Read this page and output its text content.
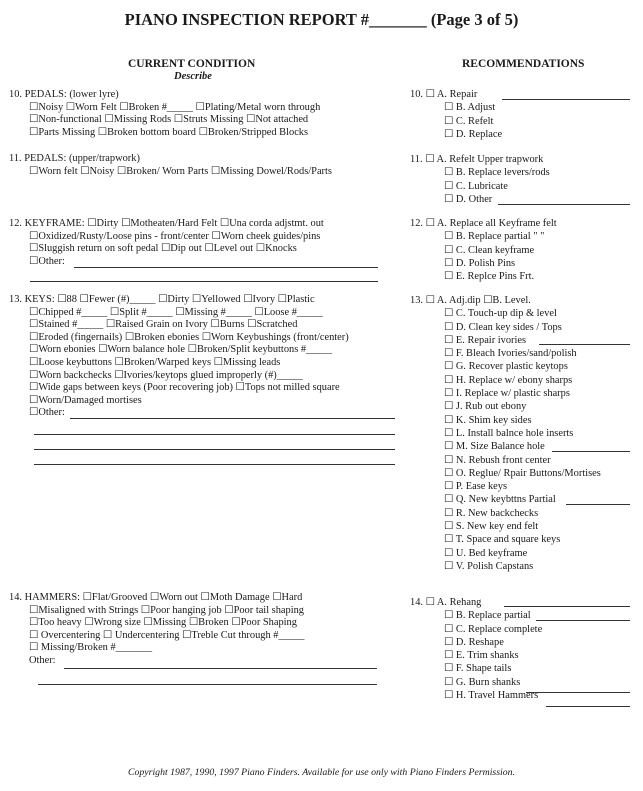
PIANO INSPECTION REPORT #_______ (Page 3 of 5)
CURRENT CONDITION
Describe
RECOMMENDATIONS
10. PEDALS: (lower lyre)
☐Noisy ☐Worn Felt ☐Broken #_____ ☐Plating/Metal worn through
☐Non-functional ☐Missing Rods ☐Struts Missing ☐Not attached
☐Parts Missing ☐Broken bottom board ☐Broken/Stripped Blocks
11. PEDALS: (upper/trapwork)
☐Worn felt ☐Noisy ☐Broken/ Worn Parts ☐Missing Dowel/Rods/Parts
12. KEYFRAME: ☐Dirty ☐Motheaten/Hard Felt ☐Una corda adjstmt. out
☐Oxidized/Rusty/Loose pins - front/center ☐Worn cheek guides/pins
☐Sluggish return on soft pedal ☐Dip out ☐Level out ☐Knocks
☐Other:
13. KEYS: ☐88 ☐Fewer (#)_____ ☐Dirty ☐Yellowed ☐Ivory ☐Plastic
☐Chipped #_____ ☐Split #_____ ☐Missing #_____ ☐Loose #_____
☐Stained #_____ ☐Raised Grain on Ivory ☐Burns ☐Scratched
☐Eroded (fingernails) ☐Broken ebonies ☐Worn Keybushings (front/center)
☐Worn ebonies ☐Worn balance hole ☐Broken/Split keybuttons #_____
☐Loose keybuttons ☐Broken/Warped keys ☐Missing leads
☐Worn backchecks ☐Ivories/keytops glued improperly (#)_____
☐Wide gaps between keys (Poor recovering job) ☐Tops not milled square
☐Worn/Damaged mortises
☐Other:
14. HAMMERS: ☐Flat/Grooved ☐Worn out ☐Moth Damage ☐Hard
☐Misaligned with Strings ☐Poor hanging job ☐Poor tail shaping
☐Too heavy ☐Wrong size ☐Missing ☐Broken ☐Poor Shaping
☐ Overcentering ☐ Undercentering ☐Treble Cut through #_____
☐ Missing/Broken #_______
Other:
10. ☐ A. Repair
☐ B. Adjust
☐ C. Refelt
☐ D. Replace
11. ☐ A. Refelt Upper trapwork
☐ B. Replace levers/rods
☐ C. Lubricate
☐ D. Other
12. ☐ A. Replace all Keyframe felt
☐ B. Replace partial " "
☐ C. Clean keyframe
☐ D. Polish Pins
☐ E. Replce Pins Frt.
13. ☐ A. Adj.dip ☐B. Level.
☐ C. Touch-up dip & level
☐ D. Clean key sides / Tops
☐ E. Repair ivories
☐ F. Bleach Ivories/sand/polish
☐ G. Recover plastic keytops
☐ H. Replace w/ ebony sharps
☐ I. Replace w/ plastic sharps
☐ J. Rub out ebony
☐ K. Shim key sides
☐ L. Install balnce hole inserts
☐ M. Size Balance hole
☐ N. Rebush front center
☐ O. Reglue/ Rpair Buttons/Mortises
☐ P. Ease keys
☐ Q. New keybttns Partial
☐ R. New backchecks
☐ S. New key end felt
☐ T. Space and square keys
☐ U. Bed keyframe
☐ V. Polish Capstans
14. ☐ A. Rehang
☐ B. Replace partial
☐ C. Replace complete
☐ D. Reshape
☐ E. Trim shanks
☐ F. Shape tails
☐ G. Burn shanks
☐ H. Travel Hammers
Copyright 1987, 1990, 1997 Piano Finders. Available for use only with Piano Finders Permission.
